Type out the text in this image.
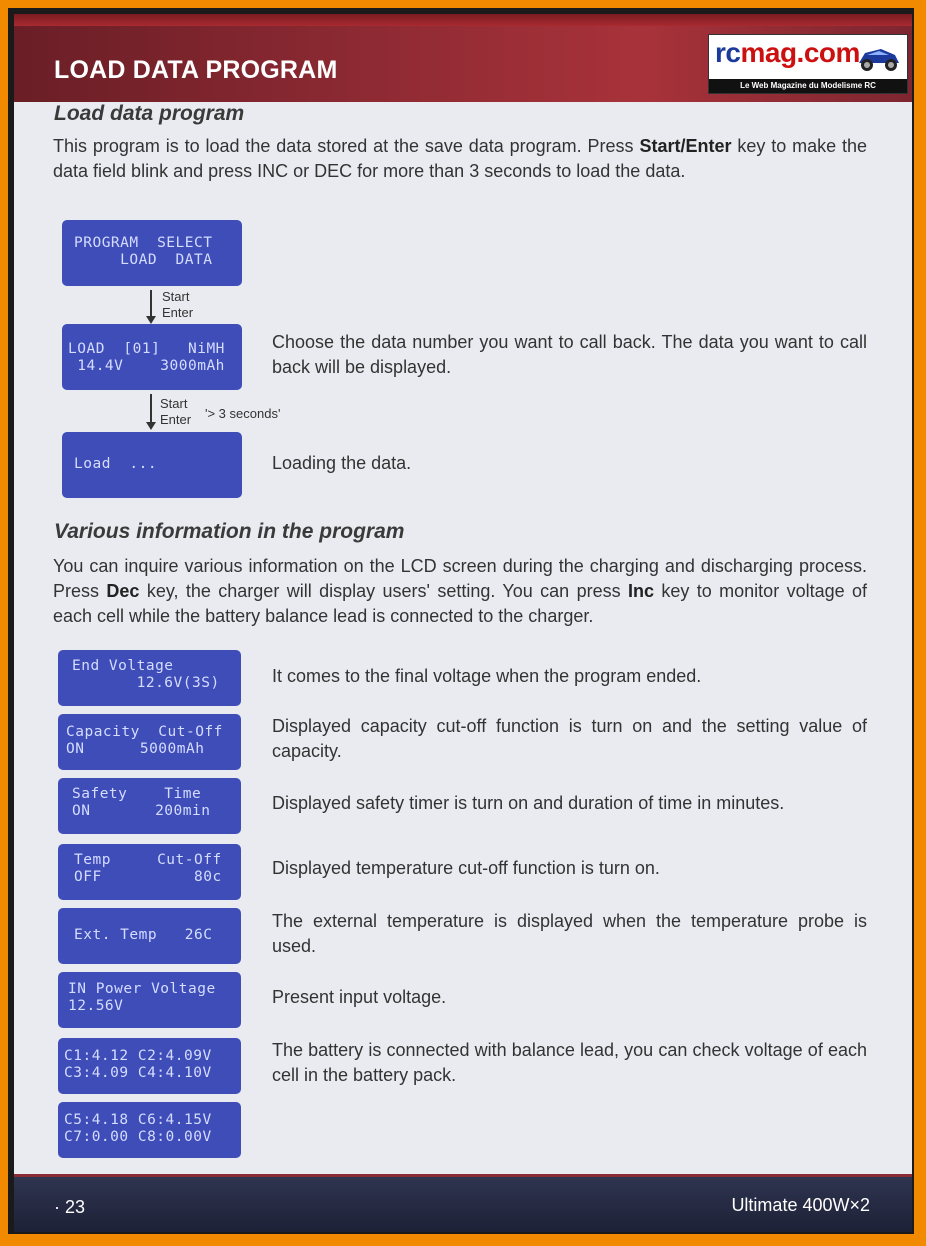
LOAD DATA PROGRAM
rcmag.com
Le Web Magazine du Modelisme RC
Load data program
This program is to load the data stored at the save data program. Press Start/Enter key to make the data field blink and press INC or DEC for more than 3 seconds to load the data.
PROGRAM  SELECT
LOAD  DATA
Start
Enter
LOAD  [01]   NiMH
14.4V    3000mAh
Choose the data number you want to call back. The data you want to call back will be displayed.
Start
Enter '> 3 seconds'
Load  ...	Loading the data.
Various information in the program
You can inquire various information on the LCD screen during the charging and discharging process. Press Dec key, the charger will display users' setting. You can press Inc key to monitor voltage of each cell while the battery balance lead is connected to the charger.
End Voltage
12.6V(3S)	It comes to the final voltage when the program ended.
Capacity  Cut-Off
ON      5000mAh
Displayed capacity cut-off function is turn on and the setting value of capacity.
Safety    Time
ON       200min	Displayed safety timer is turn on and duration of time in minutes.
Temp     Cut-Off
OFF          80c	Displayed temperature cut-off function is turn on.
Ext. Temp   26C
The external temperature is displayed when the temperature probe is used.
IN Power Voltage
12.56V	Present input voltage.
C1:4.12 C2:4.09V
C3:4.09 C4:4.10V
The battery is connected with balance lead, you can check voltage of each cell in the battery pack.
C5:4.18 C6:4.15V
C7:0.00 C8:0.00V
· 23	Ultimate 400W×2
